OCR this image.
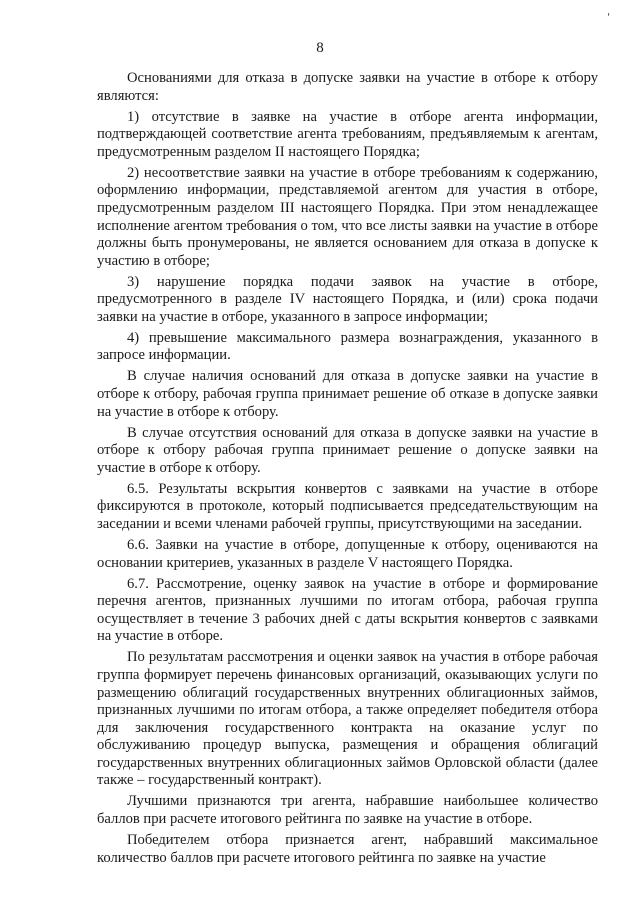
ʹ
8

Основаниями для отказа в допуске заявки на участие в отборе к отбору являются:

1) отсутствие в заявке на участие в отборе агента информации, подтверждающей соответствие агента требованиям, предъявляемым к агентам, предусмотренным разделом II настоящего Порядка;

2) несоответствие заявки на участие в отборе требованиям к содержанию, оформлению информации, представляемой агентом для участия в отборе, предусмотренным разделом III настоящего Порядка. При этом ненадлежащее исполнение агентом требования о том, что все листы заявки на участие в отборе должны быть пронумерованы, не является основанием для отказа в допуске к участию в отборе;

3) нарушение порядка подачи заявок на участие в отборе, предусмотренного в разделе IV настоящего Порядка, и (или) срока подачи заявки на участие в отборе, указанного в запросе информации;

4) превышение максимального размера вознаграждения, указанного в запросе информации.

В случае наличия оснований для отказа в допуске заявки на участие в отборе к отбору, рабочая группа принимает решение об отказе в допуске заявки на участие в отборе к отбору.

В случае отсутствия оснований для отказа в допуске заявки на участие в отборе к отбору рабочая группа принимает решение о допуске заявки на участие в отборе к отбору.

6.5. Результаты вскрытия конвертов с заявками на участие в отборе фиксируются в протоколе, который подписывается председательствующим на заседании и всеми членами рабочей группы, присутствующими на заседании.

6.6. Заявки на участие в отборе, допущенные к отбору, оцениваются на основании критериев, указанных в разделе V настоящего Порядка.

6.7. Рассмотрение, оценку заявок на участие в отборе и формирование перечня агентов, признанных лучшими по итогам отбора, рабочая группа осуществляет в течение 3 рабочих дней с даты вскрытия конвертов с заявками на участие в отборе.

По результатам рассмотрения и оценки заявок на участия в отборе рабочая группа формирует перечень финансовых организаций, оказывающих услуги по размещению облигаций государственных внутренних облигационных займов, признанных лучшими по итогам отбора, а также определяет победителя отбора для заключения государственного контракта на оказание услуг по обслуживанию процедур выпуска, размещения и обращения облигаций государственных внутренних облигационных займов Орловской области (далее также – государственный контракт).

Лучшими признаются три агента, набравшие наибольшее количество баллов при расчете итогового рейтинга по заявке на участие в отборе.

Победителем отбора признается агент, набравший максимальное количество баллов при расчете итогового рейтинга по заявке на участие
